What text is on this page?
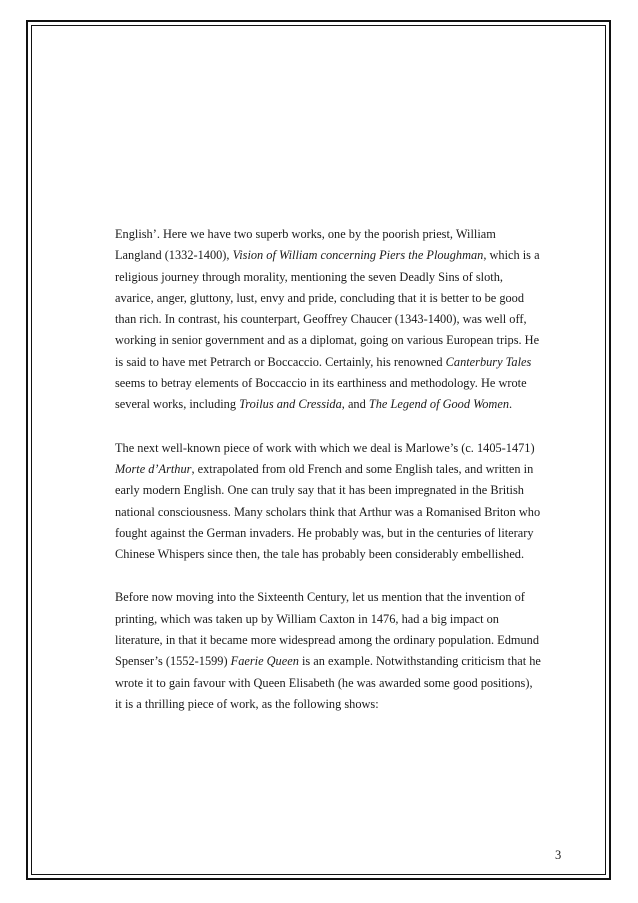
English’. Here we have two superb works, one by the poorish priest, William
Langland (1332-1400), Vision of William concerning Piers the Ploughman, which is a
religious journey through morality, mentioning the seven Deadly Sins of sloth,
avarice, anger, gluttony, lust, envy and pride, concluding that it is better to be good
than rich. In contrast, his counterpart, Geoffrey Chaucer (1343-1400), was well off,
working in senior government and as a diplomat, going on various European trips. He
is said to have met Petrarch or Boccaccio. Certainly, his renowned Canterbury Tales
seems to betray elements of Boccaccio in its earthiness and methodology. He wrote
several works, including Troilus and Cressida, and The Legend of Good Women.
The next well-known piece of work with which we deal is Marlowe’s (c. 1405-1471)
Morte d’Arthur, extrapolated from old French and some English tales, and written in
early modern English. One can truly say that it has been impregnated in the British
national consciousness. Many scholars think that Arthur was a Romanised Briton who
fought against the German invaders. He probably was, but in the centuries of literary
Chinese Whispers since then, the tale has probably been considerably embellished.
Before now moving into the Sixteenth Century, let us mention that the invention of
printing, which was taken up by William Caxton in 1476, had a big impact on
literature, in that it became more widespread among the ordinary population. Edmund
Spenser’s (1552-1599) Faerie Queen is an example. Notwithstanding criticism that he
wrote it to gain favour with Queen Elisabeth (he was awarded some good positions),
it is a thrilling piece of work, as the following shows:
3
